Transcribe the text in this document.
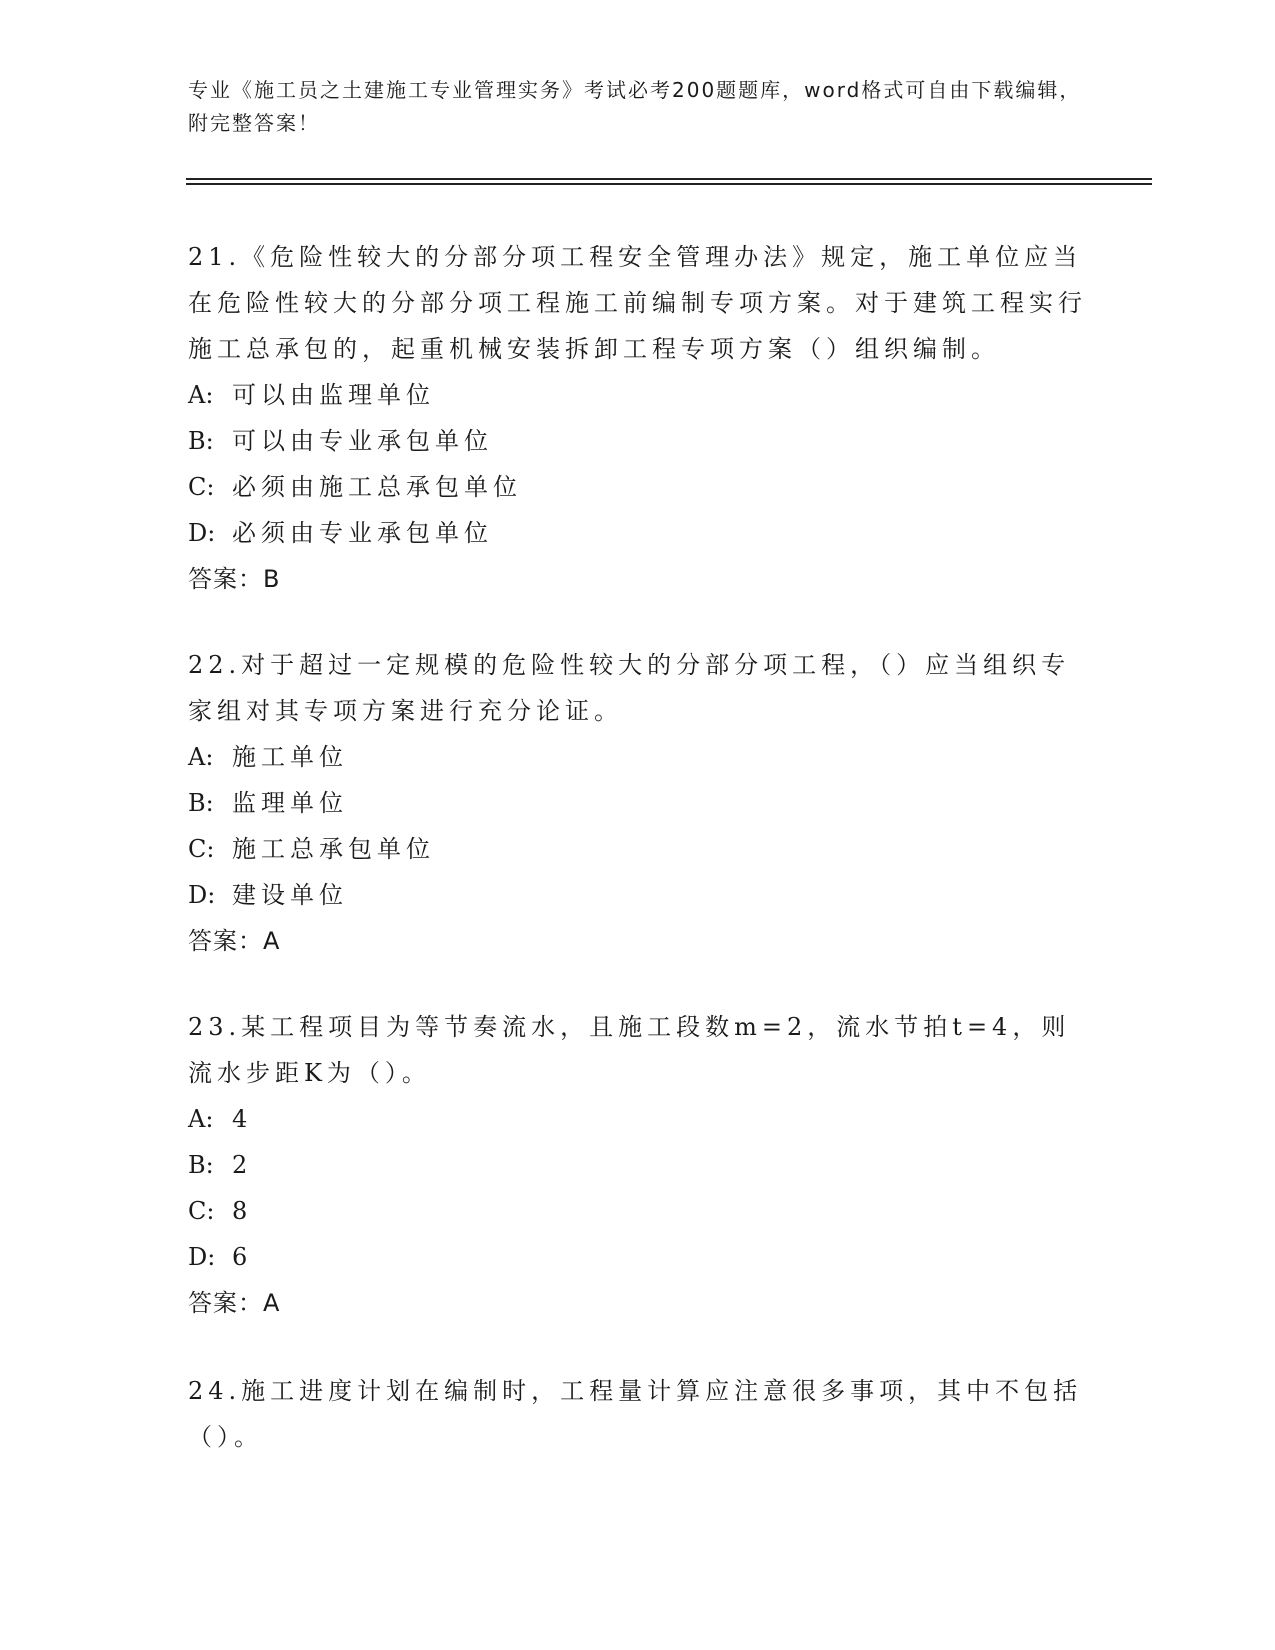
专业《施工员之土建施工专业管理实务》考试必考200题题库，word格式可自由下载编辑，附完整答案！

21.《危险性较大的分部分项工程安全管理办法》规定，施工单位应当在危险性较大的分部分项工程施工前编制专项方案。对于建筑工程实行施工总承包的，起重机械安装拆卸工程专项方案（）组织编制。

A: 可以由监理单位
B: 可以由专业承包单位
C: 必须由施工总承包单位
D: 必须由专业承包单位
答案：B

22.对于超过一定规模的危险性较大的分部分项工程，（）应当组织专家组对其专项方案进行充分论证。

A: 施工单位
B: 监理单位
C: 施工总承包单位
D: 建设单位
答案：A

23.某工程项目为等节奏流水，且施工段数m=2，流水节拍t=4，则流水步距K为（）。

A: 4
B: 2
C: 8
D: 6
答案：A

24.施工进度计划在编制时，工程量计算应注意很多事项，其中不包括（）。
